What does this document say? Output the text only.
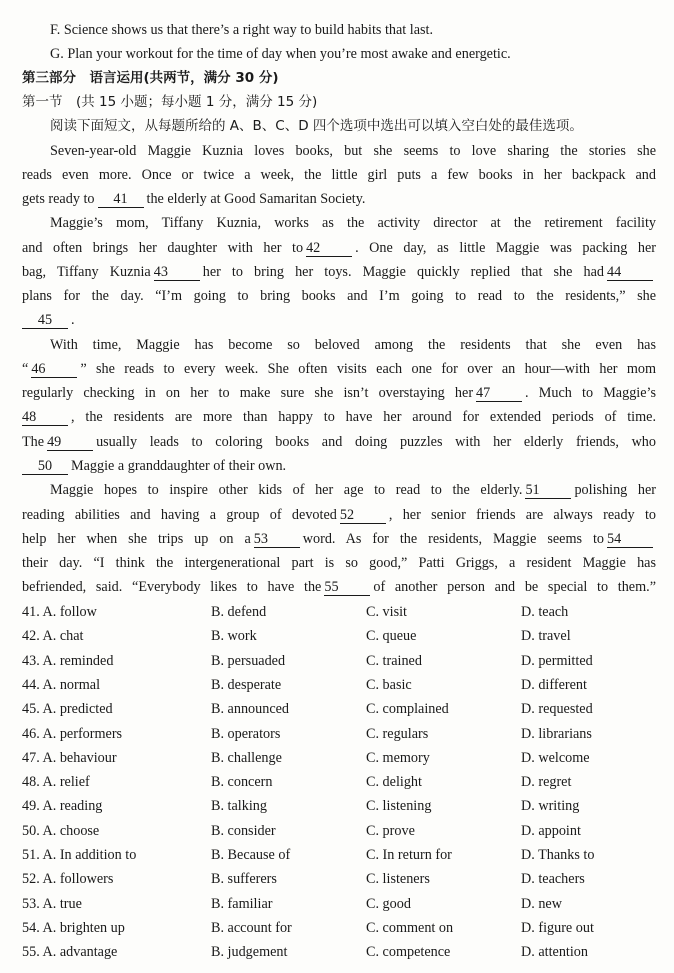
F. Science shows us that there’s a right way to build habits that last.
G. Plan your workout for the time of day when you’re most awake and energetic.
第三部分　语言运用(共两节，满分 30 分)
第一节　(共 15 小题；每小题 1 分，满分 15 分)
阅读下面短文，从每题所给的 A、B、C、D 四个选项中选出可以填入空白处的最佳选项。
Seven-year-old Maggie Kuznia loves books, but she seems to love sharing the stories she
reads even more. Once or twice a week, the little girl puts a few books in her backpack and
gets ready to 41 the elderly at Good Samaritan Society.
Maggie’s mom, Tiffany Kuznia, works as the activity director at the retirement facility
and often brings her daughter with her to 42 . One day, as little Maggie was packing her
bag, Tiffany Kuznia 43 her to bring her toys. Maggie quickly replied that she had 44
plans for the day. “I’m going to bring books and I’m going to read to the residents,” she
45 .
With time, Maggie has become so beloved among the residents that she even has
“ 46 ” she reads to every week. She often visits each one for over an hour—with her mom
regularly checking in on her to make sure she isn’t overstaying her 47 . Much to Maggie’s
48 , the residents are more than happy to have her around for extended periods of time.
The 49 usually leads to coloring books and doing puzzles with her elderly friends, who
50 Maggie a granddaughter of their own.
Maggie hopes to inspire other kids of her age to read to the elderly. 51 polishing her
reading abilities and having a group of devoted 52 , her senior friends are always ready to
help her when she trips up on a 53 word. As for the residents, Maggie seems to 54
their day. “I think the intergenerational part is so good,” Patti Griggs, a resident Maggie has
befriended, said. “Everybody likes to have the 55 of another person and be special to them.”
41. A. follow	B. defend	C. visit	D. teach
42. A. chat	B. work	C. queue	D. travel
43. A. reminded	B. persuaded	C. trained	D. permitted
44. A. normal	B. desperate	C. basic	D. different
45. A. predicted	B. announced	C. complained	D. requested
46. A. performers	B. operators	C. regulars	D. librarians
47. A. behaviour	B. challenge	C. memory	D. welcome
48. A. relief	B. concern	C. delight	D. regret
49. A. reading	B. talking	C. listening	D. writing
50. A. choose	B. consider	C. prove	D. appoint
51. A. In addition to	B. Because of	C. In return for	D. Thanks to
52. A. followers	B. sufferers	C. listeners	D. teachers
53. A. true	B. familiar	C. good	D. new
54. A. brighten up	B. account for	C. comment on	D. figure out
55. A. advantage	B. judgement	C. competence	D. attention
